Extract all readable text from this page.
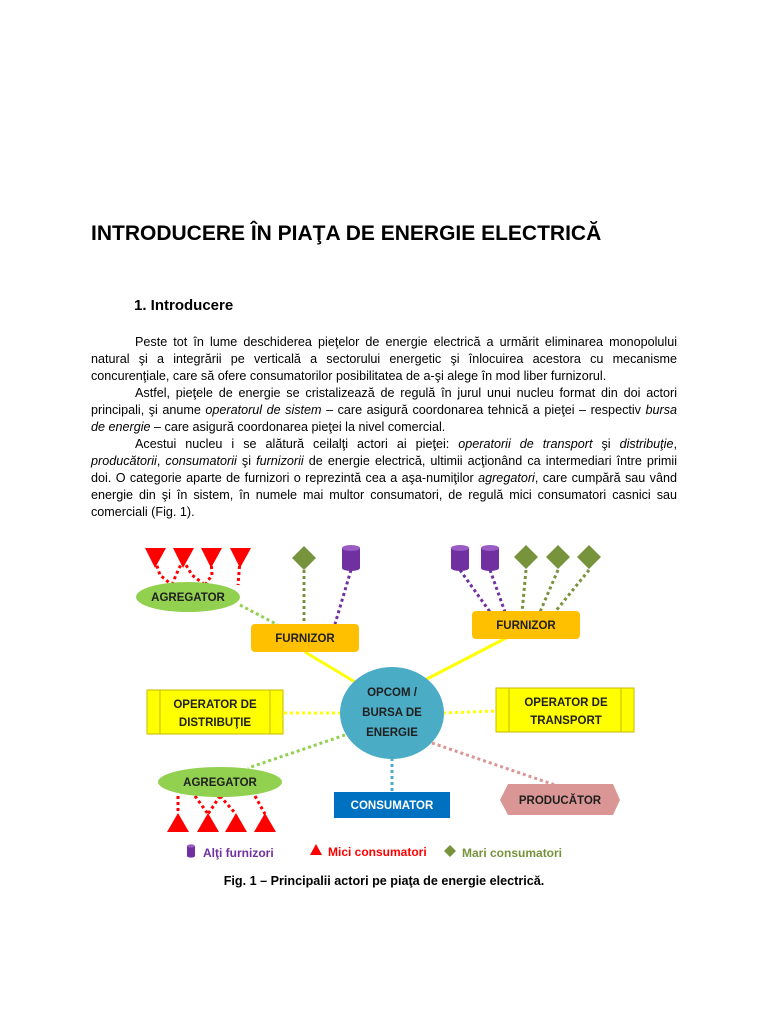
INTRODUCERE ÎN PIAŢA DE ENERGIE ELECTRICĂ
1. Introducere

Peste tot în lume deschiderea pieţelor de energie electrică a urmărit eliminarea monopolului natural şi a integrării pe verticală a sectorului energetic şi înlocuirea acestora cu mecanisme concurenţiale, care să ofere consumatorilor posibilitatea de a-şi alege în mod liber furnizorul.

Astfel, pieţele de energie se cristalizează de regulă în jurul unui nucleu format din doi actori principali, şi anume operatorul de sistem – care asigură coordonarea tehnică a pieţei – respectiv bursa de energie – care asigură coordonarea pieţei la nivel comercial.

Acestui nucleu i se alătură ceilalţi actori ai pieţei: operatorii de transport şi distribuţie, producătorii, consumatorii şi furnizorii de energie electrică, ultimii acţionând ca intermediari între primii doi. O categorie aparte de furnizori o reprezintă cea a aşa-numiţilor agregatori, care cumpără sau vând energie din şi în sistem, în numele mai multor consumatori, de regulă mici consumatori casnici sau comerciali (Fig. 1).

AGREGATOR
FURNIZOR
FURNIZOR
OPERATOR DE
DISTRIBUŢIE
OPERATOR DE
TRANSPORT
OPCOM /
BURSA DE
ENERGIE
AGREGATOR
CONSUMATOR	PRODUCĂTOR
Alţi furnizori	Mici consumatori	Mari consumatori

Fig. 1 – Principalii actori pe piaţa de energie electrică.
